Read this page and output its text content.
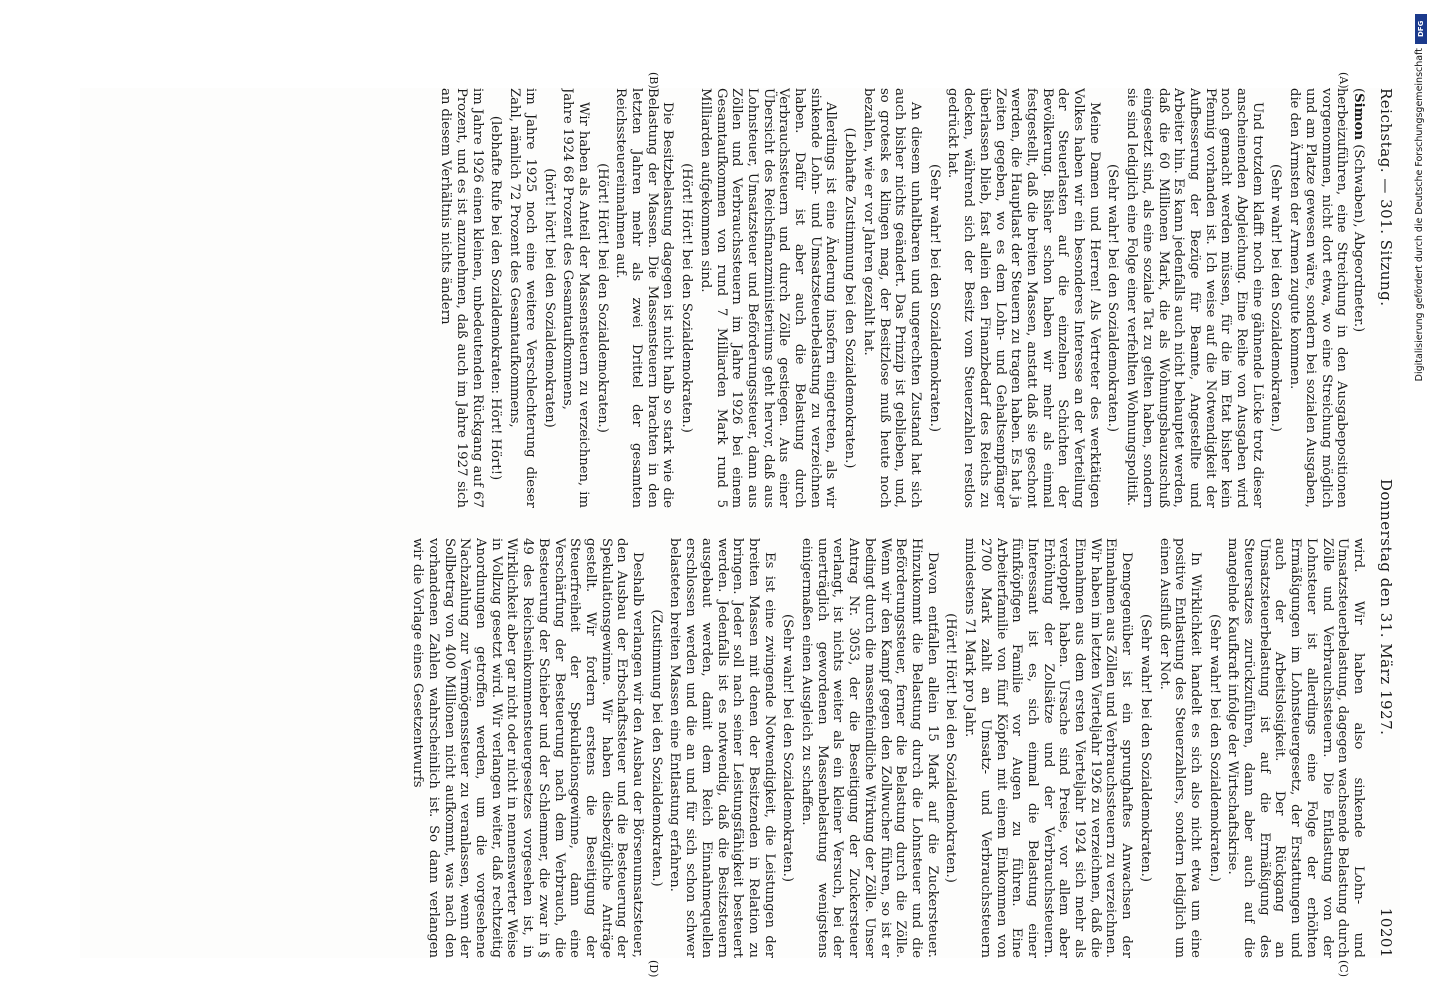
Reichstag. — 301. Sitzung.
Donnerstag den 31. März 1927.
10201

(Simon (Schwaben), Abgeordneter.)

herbeizuführen, eine Streichung in den Ausgabepositionen vorgenommen, nicht dort etwa, wo eine Streichung möglich und am Platze gewesen wäre, sondern bei sozialen Ausgaben, die den Ärmsten der Armen zugute kommen.

(Sehr wahr! bei den Sozialdemokraten.)

Und trotzdem klafft noch eine gähnende Lücke trotz dieser anscheinenden Abgleichung. Eine Reihe von Ausgaben wird noch gemacht werden müssen, für die im Etat bisher kein Pfennig vorhanden ist. Ich weise auf die Notwendigkeit der Aufbesserung der Bezüge für Beamte, Angestellte und Arbeiter hin. Es kann jedenfalls auch nicht behauptet werden, daß die 60 Millionen Mark, die als Wohnungsbauzuschuß eingesetzt sind, als eine soziale Tat zu gelten haben, sondern sie sind lediglich eine Folge einer verfehlten Wohnungspolitik.

(Sehr wahr! bei den Sozialdemokraten.)

Meine Damen und Herren! Als Vertreter des werktätigen Volkes haben wir ein besonderes Interesse an der Verteilung der Steuerlasten auf die einzelnen Schichten der Bevölkerung. Bisher schon haben wir mehr als einmal festgestellt, daß die breiten Massen, anstatt daß sie geschont werden, die Hauptlast der Steuern zu tragen haben. Es hat ja Zeiten gegeben, wo es dem Lohn- und Gehaltsempfänger überlassen blieb, fast allein den Finanzbedarf des Reichs zu decken, während sich der Besitz vom Steuerzahlen restlos gedrückt hat.

(Sehr wahr! bei den Sozialdemokraten.)

An diesem unhaltbaren und ungerechten Zustand hat sich auch bisher nichts geändert. Das Prinzip ist geblieben, und, so grotesk es klingen mag, der Besitzlose muß heute noch bezahlen, wie er vor Jahren gezahlt hat.

(Lebhafte Zustimmung bei den Sozialdemokraten.)

Allerdings ist eine Änderung insofern eingetreten, als wir sinkende Lohn- und Umsatzsteuerbelastung zu verzeichnen haben. Dafür ist aber auch die Belastung durch Verbrauchssteuern und durch Zölle gestiegen. Aus einer Übersicht des Reichsfinanzministeriums geht hervor, daß aus Lohnsteuer, Umsatzsteuer und Beförderungssteuer, dann aus Zöllen und Verbrauchssteuern im Jahre 1926 bei einem Gesamtaufkommen von rund 7 Milliarden Mark rund 5 Milliarden aufgekommen sind.

(Hört! Hört! bei den Sozialdemokraten.)

Die Besitzbelastung dagegen ist nicht halb so stark wie die Belastung der Massen. Die Massensteuern brachten in den letzten Jahren mehr als zwei Drittel der gesamten Reichssteuereinnahmen auf.

(Hört! Hört! bei den Sozialdemokraten.)

Wir haben als Anteil der Massensteuern zu verzeichnen, im Jahre 1924 68 Prozent des Gesamtaufkommens,

(hört! hört! bei den Sozialdemokraten)

im Jahre 1925 noch eine weitere Verschlechterung dieser Zahl, nämlich 72 Prozent des Gesamtaufkommens,

(lebhafte Rufe bei den Sozialdemokraten: Hört! Hört!)

im Jahre 1926 einen kleinen, unbedeutenden Rückgang auf 67 Prozent, und es ist anzunehmen, daß auch im Jahre 1927 sich an diesem Verhältnis nichts ändern

wird. Wir haben also sinkende Lohn- und Umsatzsteuerbelastung, dagegen wachsende Belastung durch Zölle und Verbrauchssteuern. Die Entlastung von der Lohnsteuer ist allerdings eine Folge der erhöhten Ermäßigungen im Lohnsteuergesetz, der Erstattungen und auch der Arbeitslosigkeit. Der Rückgang an Umsatzsteuerbelastung ist auf die Ermäßigung des Steuersatzes zurückzuführen, dann aber auch auf die mangelnde Kaufkraft infolge der Wirtschaftskrise.

(Sehr wahr! bei den Sozialdemokraten.)

In Wirklichkeit handelt es sich also nicht etwa um eine positive Entlastung des Steuerzahlers, sondern lediglich um einen Ausfluß der Not.

(Sehr wahr! bei den Sozialdemokraten.)

Demgegenüber ist ein sprunghaftes Anwachsen der Einnahmen aus Zöllen und Verbrauchssteuern zu verzeichnen. Wir haben im letzten Vierteljahr 1926 zu verzeichnen, daß die Einnahmen aus dem ersten Vierteljahr 1924 sich mehr als verdoppelt haben. Ursache sind Preise, vor allem aber Erhöhung der Zollsätze und der Verbrauchssteuern. Interessant ist es, sich einmal die Belastung einer fünfköpfigen Familie vor Augen zu führen. Eine Arbeiterfamilie von fünf Köpfen mit einem Einkommen von 2700 Mark zahlt an Umsatz- und Verbrauchssteuern mindestens 71 Mark pro Jahr.

(Hört! Hört! bei den Sozialdemokraten.)

Davon entfallen allein 15 Mark auf die Zuckersteuer. Hinzukommt die Belastung durch die Lohnsteuer und die Beförderungssteuer, ferner die Belastung durch die Zölle. Wenn wir den Kampf gegen den Zollwucher führen, so ist er bedingt durch die massenfeindliche Wirkung der Zölle. Unser Antrag Nr. 3053, der die Beseitigung der Zuckersteuer verlangt, ist nichts weiter als ein kleiner Versuch, bei der unerträglich gewordenen Massenbelastung wenigstens einigermaßen einen Ausgleich zu schaffen.

(Sehr wahr! bei den Sozialdemokraten.)

Es ist eine zwingende Notwendigkeit, die Leistungen der breiten Massen mit denen der Besitzenden in Relation zu bringen. Jeder soll nach seiner Leistungsfähigkeit besteuert werden. Jedenfalls ist es notwendig, daß die Besitzsteuern ausgebaut werden, damit dem Reich Einnahmequellen erschlossen werden und die an und für sich schon schwer belasteten breiten Massen eine Entlastung erfahren.

(Zustimmung bei den Sozialdemokraten.)

Deshalb verlangen wir den Ausbau der Börsenumsatzsteuer, den Ausbau der Erbschaftssteuer und die Besteuerung der Spekulationsgewinne. Wir haben diesbezügliche Anträge gestellt. Wir fordern erstens die Beseitigung der Steuerfreiheit der Spekulationsgewinne, dann eine Verschärfung der Besteuerung nach dem Verbrauch, die Besteuerung der Schieber und der Schlemmer, die zwar in § 49 des Reichseinkommensteuergesetzes vorgesehen ist, in Wirklichkeit aber gar nicht oder nicht in nennenswerter Weise in Vollzug gesetzt wird. Wir verlangen weiter, daß rechtzeitig Anordnungen getroffen werden, um die vorgesehene Nachzahlung zur Vermögenssteuer zu veranlassen, wenn der Sollbetrag von 400 Millionen nicht aufkommt, was nach den vorhandenen Zahlen wahrscheinlich ist. So dann verlangen wir die Vorlage eines Gesetzentwurfs

(A)
(B)
(C)
(D)
DFG
Digitalisierung gefördert durch die Deutsche Forschungsgemeinschaft
